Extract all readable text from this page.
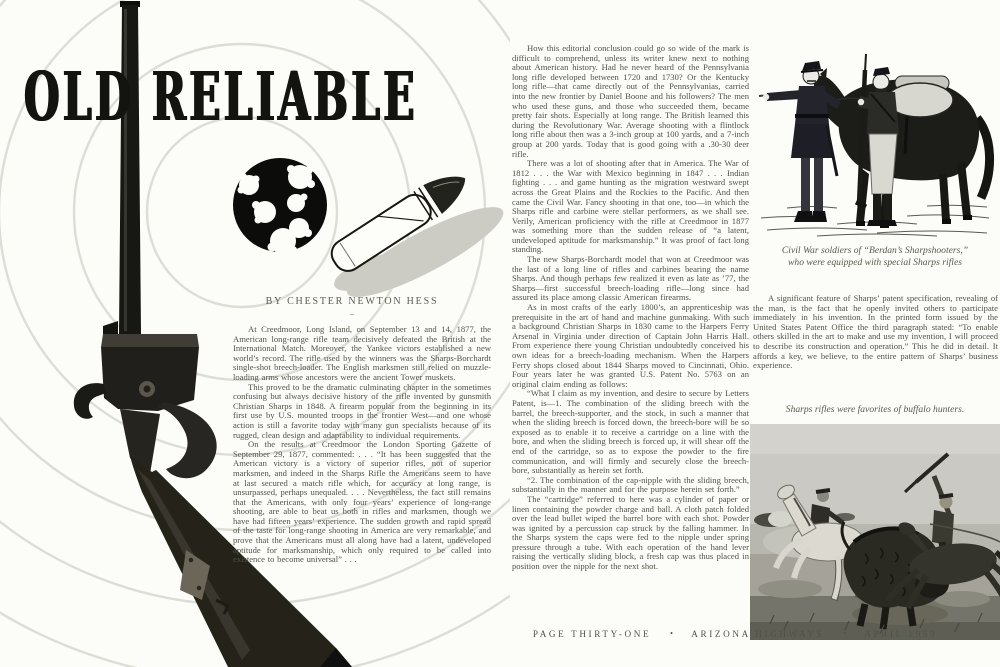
OLD RELIABLE
BY CHESTER NEWTON HESS
–

At Creedmoor, Long Island, on September 13 and 14, 1877, the American long-range rifle team decisively defeated the British at the International Match. Moreover, the Yankee victors established a new world’s record. The rifle used by the winners was the Sharps-Borchardt single-shot breech-loader. The English marksmen still relied on muzzle-loading arms whose ancestors were the ancient Tower muskets.

This proved to be the dramatic culminating chapter in the sometimes confusing but always decisive history of the rifle invented by gunsmith Christian Sharps in 1848. A firearm popular from the beginning in its first use by U.S. mounted troops in the frontier West—and one whose action is still a favorite today with many gun specialists because of its rugged, clean design and adaptability to individual requirements.

On the results at Creedmoor the London Sporting Gazette of September 29, 1877, commented: . . . “It has been suggested that the American victory is a victory of superior rifles, not of superior marksmen, and indeed in the Sharps Rifle the Americans seem to have at last secured a match rifle which, for accuracy at long range, is unsurpassed, perhaps unequaled. . . . Nevertheless, the fact still remains that the Americans, with only four years’ experience of long-range shooting, are able to beat us both in rifles and marksmen, though we have had fifteen years’ experience. The sudden growth and rapid spread of the taste for long-range shooting in America are very remarkable, and prove that the Americans must all along have had a latent, undeveloped aptitude for marksmanship, which only required to be called into existence to become universal” . . .

How this editorial conclusion could go so wide of the mark is difficult to comprehend, unless its writer knew next to nothing about American history. Had he never heard of the Pennsylvania long rifle developed between 1720 and 1730? Or the Kentucky long rifle—that came directly out of the Pennsylvanias, carried into the new frontier by Daniel Boone and his followers? The men who used these guns, and those who succeeded them, became pretty fair shots. Especially at long range. The British learned this during the Revolutionary War. Average shooting with a flintlock long rifle about then was a 3-inch group at 100 yards, and a 7-inch group at 200 yards. Today that is good going with a .30-30 deer rifle.

There was a lot of shooting after that in America. The War of 1812 . . . the War with Mexico beginning in 1847 . . . Indian fighting . . . and game hunting as the migration westward swept across the Great Plains and the Rockies to the Pacific. And then came the Civil War. Fancy shooting in that one, too—in which the Sharps rifle and carbine were stellar performers, as we shall see. Verily, American proficiency with the rifle at Creedmoor in 1877 was something more than the sudden release of “a latent, undeveloped aptitude for marksmanship.” It was proof of fact long standing.

The new Sharps-Borchardt model that won at Creedmoor was the last of a long line of rifles and carbines bearing the name Sharps. And though perhaps few realized it even as late as ’77, the Sharps—first successful breech-loading rifle—long since had assured its place among classic American firearms.

As in most crafts of the early 1800’s, an apprenticeship was prerequisite in the art of hand and machine gunmaking. With such a background Christian Sharps in 1830 came to the Harpers Ferry Arsenal in Virginia under direction of Captain John Harris Hall. From experience there young Christian undoubtedly conceived his own ideas for a breech-loading mechanism. When the Harpers Ferry shops closed about 1844 Sharps moved to Cincinnati, Ohio. Four years later he was granted U.S. Patent No. 5763 on an original claim ending as follows:

“What I claim as my invention, and desire to secure by Letters Patent, is—1. The combination of the sliding breech with the barrel, the breech-supporter, and the stock, in such a manner that when the sliding breech is forced down, the breech-bore will be so exposed as to enable it to receive a cartridge on a line with the bore, and when the sliding breech is forced up, it will shear off the end of the cartridge, so as to expose the powder to the fire communication, and will firmly and securely close the breech-bore, substantially as herein set forth.

“2. The combination of the cap-nipple with the sliding breech, substantially in the manner and for the purpose herein set forth.”

The “cartridge” referred to here was a cylinder of paper or linen containing the powder charge and ball. A cloth patch folded over the lead bullet wiped the barrel bore with each shot. Powder was ignited by a percussion cap struck by the falling hammer. In the Sharps system the caps were fed to the nipple under spring pressure through a tube. With each operation of the hand lever raising the vertically sliding block, a fresh cap was thus placed in position over the nipple for the next shot.

Civil War soldiers of “Berdan’s Sharpshooters,”
who were equipped with special Sharps rifles

A significant feature of Sharps’ patent specification, revealing of the man, is the fact that he openly invited others to participate immediately in his invention. In the printed form issued by the United States Patent Office the third paragraph stated: “To enable others skilled in the art to make and use my invention, I will proceed to describe its construction and operation.” This he did in detail. It affords a key, we believe, to the entire pattern of Sharps’ business experience.

Sharps rifles were favorites of buffalo hunters.
PAGE THIRTY-ONE • ARIZONA HIGHWAYS • APRIL 1959
